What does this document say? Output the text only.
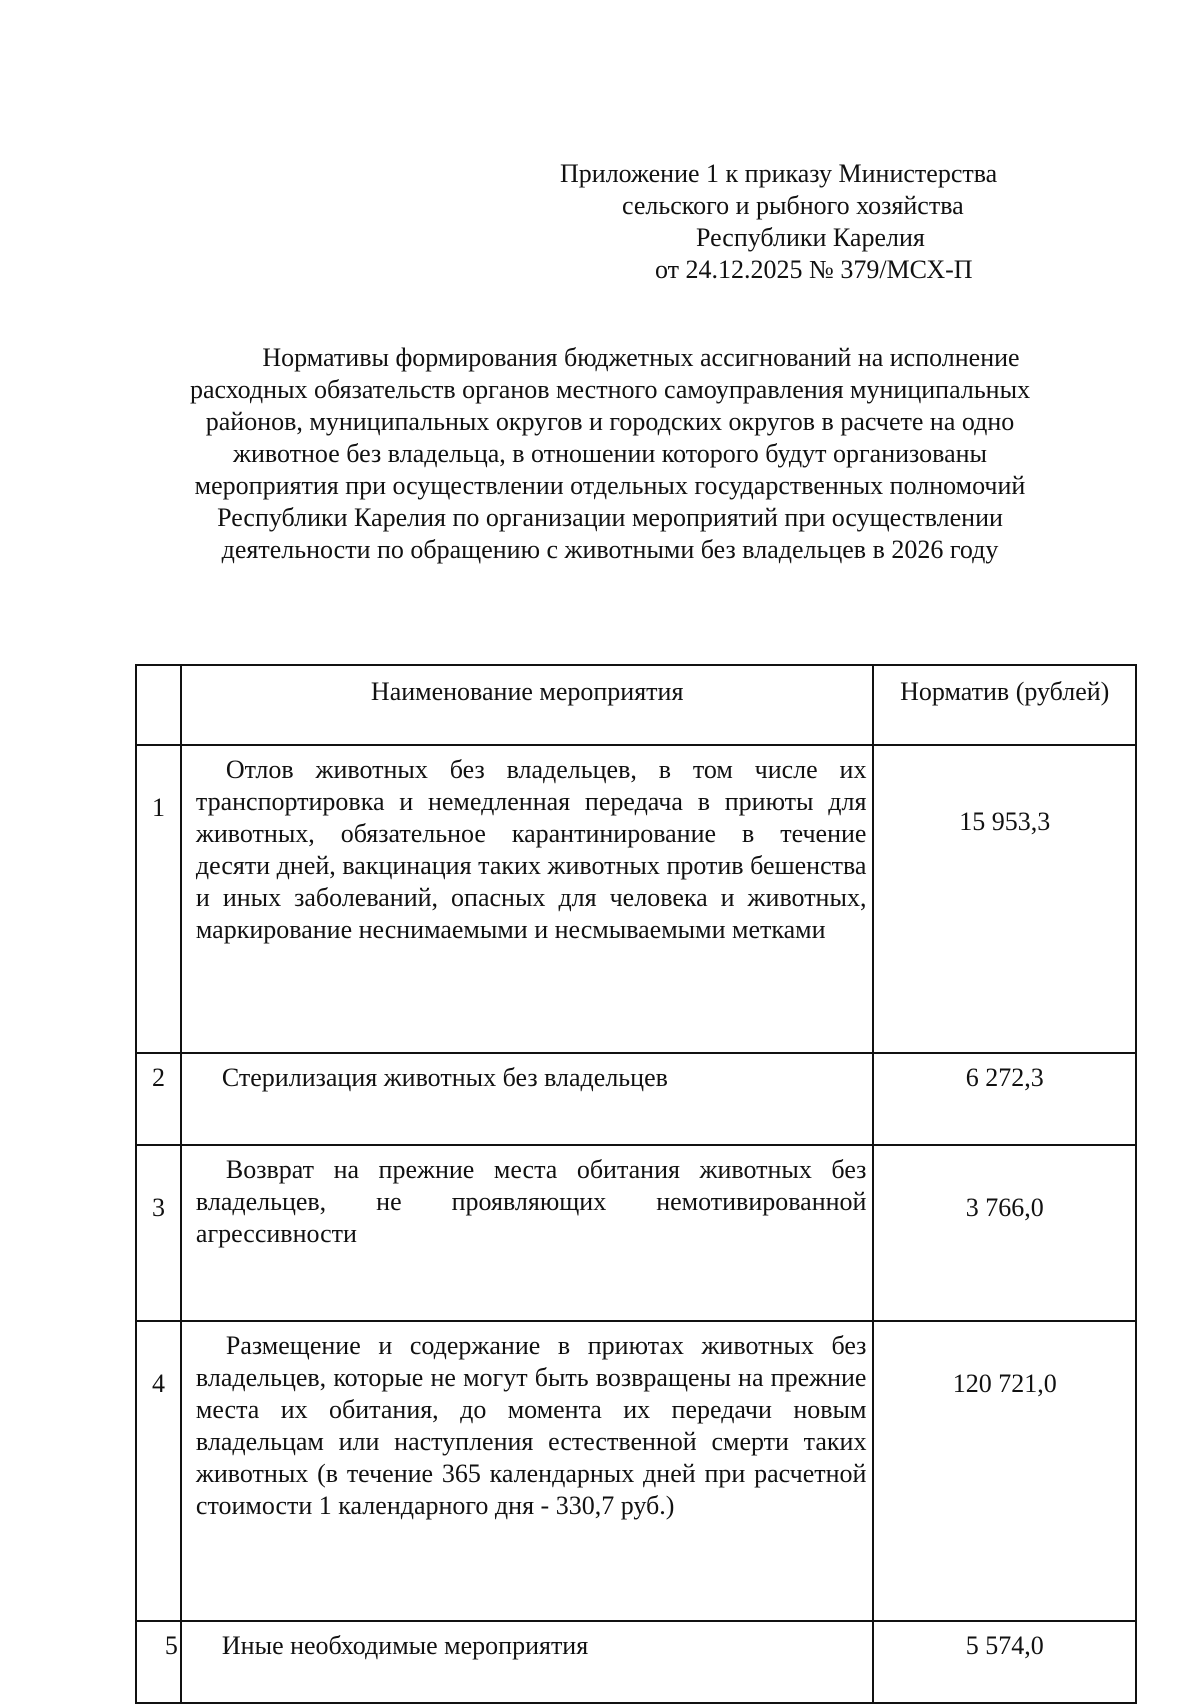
Приложение 1 к приказу Министерства
сельского и рыбного хозяйства
Республики Карелия
от 24.12.2025 № 379/МСХ-П
Нормативы формирования бюджетных ассигнований на исполнение
расходных обязательств органов местного самоуправления муниципальных
районов, муниципальных округов и городских округов в расчете на одно
животное без владельца, в отношении которого будут организованы
мероприятия при осуществлении отдельных государственных полномочий
Республики Карелия по организации мероприятий при осуществлении
деятельности по обращению с животными без владельцев в 2026 году
	Наименование мероприятия	Норматив (рублей)
1	Отлов животных без владельцев, в том числе их транспортировка и немедленная передача в приюты для животных, обязательное карантинирование в течение десяти дней, вакцинация таких животных против бешенства и иных заболеваний, опасных для человека и животных, маркирование неснимаемыми и несмываемыми метками	15 953,3
2	Стерилизация животных без владельцев	6 272,3
3	Возврат на прежние места обитания животных без владельцев, не проявляющих немотивированной агрессивности	3 766,0
4	Размещение и содержание в приютах животных без владельцев, которые не могут быть возвращены на прежние места их обитания, до момента их передачи новым владельцам или наступления естественной смерти таких животных (в течение 365 календарных дней при расчетной стоимости 1 календарного дня - 330,7 руб.)	120 721,0
5	Иные необходимые мероприятия	5 574,0
